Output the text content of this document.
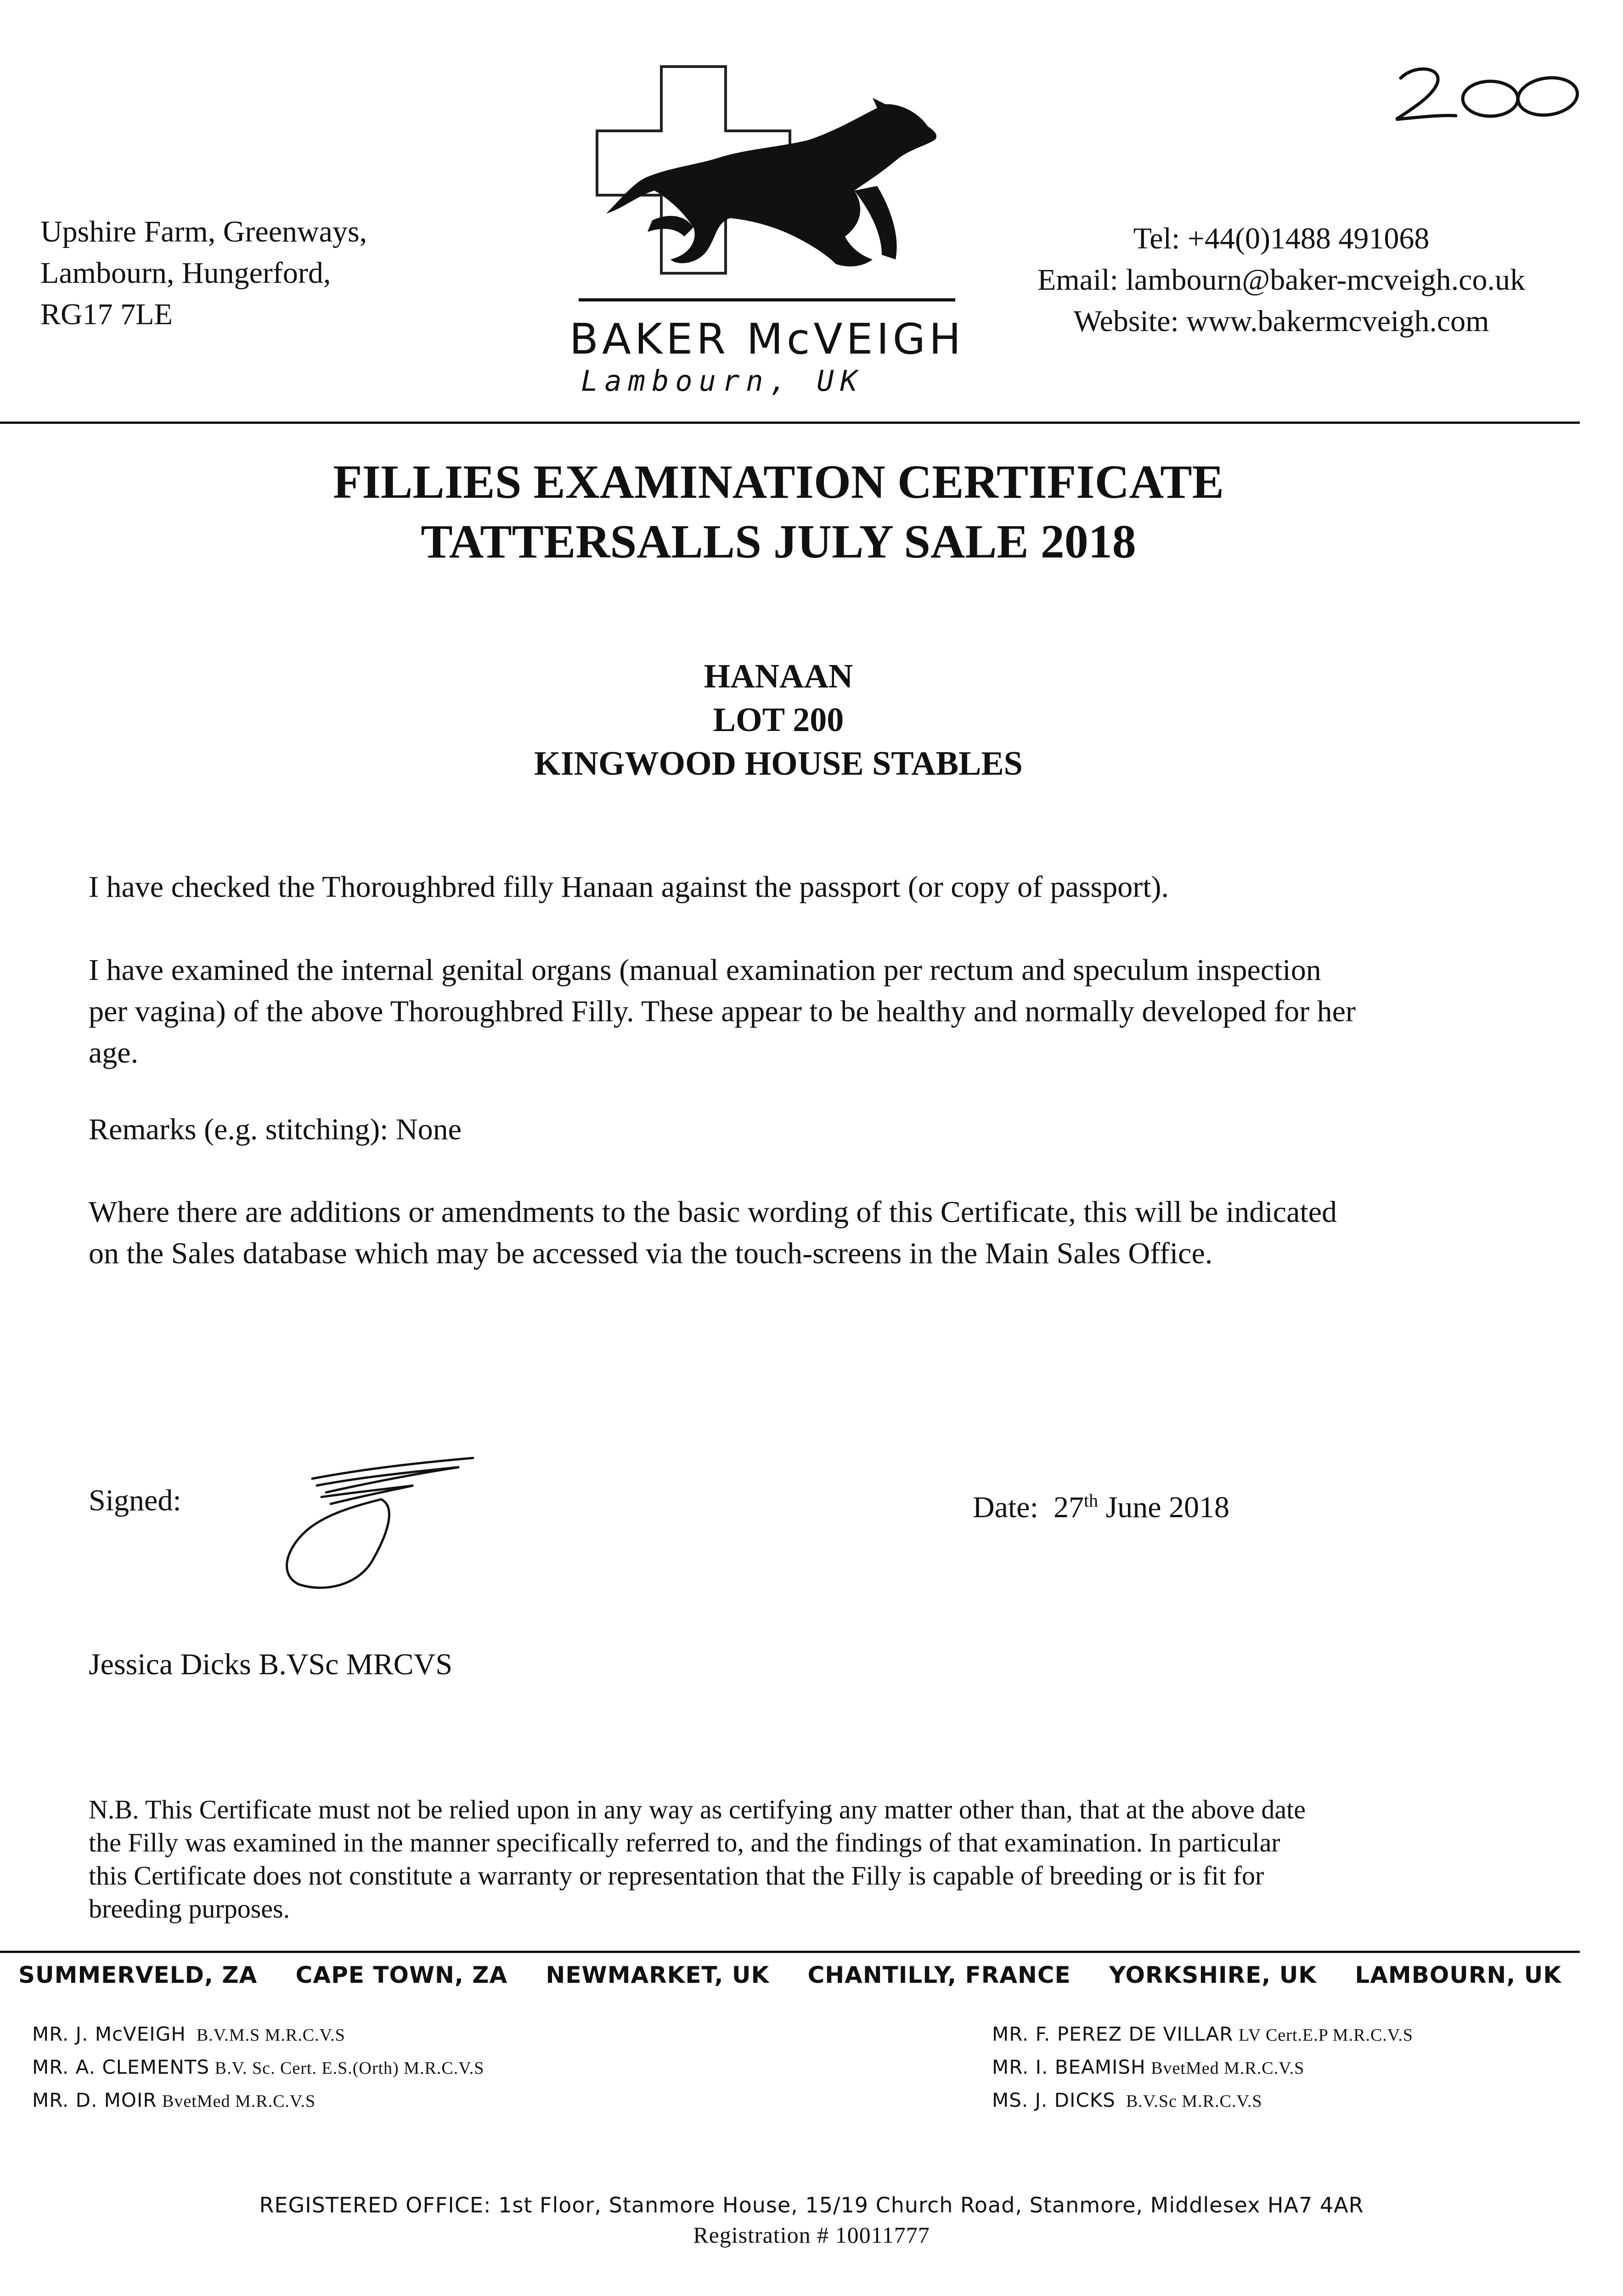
Upshire Farm, Greenways,
Lambourn, Hungerford,
RG17 7LE
BAKER McVEIGH
Lambourn, UK
Tel: +44(0)1488 491068
Email: lambourn@baker-mcveigh.co.uk
Website: www.bakermcveigh.com
FILLIES EXAMINATION CERTIFICATE
TATTERSALLS JULY SALE 2018
HANAAN
LOT 200
KINGWOOD HOUSE STABLES
I have checked the Thoroughbred filly Hanaan against the passport (or copy of passport).
I have examined the internal genital organs (manual examination per rectum and speculum inspection
per vagina) of the above Thoroughbred Filly. These appear to be healthy and normally developed for her
age.
Remarks (e.g. stitching): None
Where there are additions or amendments to the basic wording of this Certificate, this will be indicated
on the Sales database which may be accessed via the touch-screens in the Main Sales Office.
Signed:	Date: 27th June 2018
Jessica Dicks B.VSc MRCVS
N.B. This Certificate must not be relied upon in any way as certifying any matter other than, that at the above date
the Filly was examined in the manner specifically referred to, and the findings of that examination. In particular
this Certificate does not constitute a warranty or representation that the Filly is capable of breeding or is fit for
breeding purposes.
SUMMERVELD, ZA CAPE TOWN, ZA NEWMARKET, UK CHANTILLY, FRANCE YORKSHIRE, UK LAMBOURN, UK
MR. J. McVEIGH B.V.M.S M.R.C.V.S
MR. A. CLEMENTS B.V. Sc. Cert. E.S.(Orth) M.R.C.V.S
MR. D. MOIR BvetMed M.R.C.V.S
MR. F. PEREZ DE VILLAR LV Cert.E.P M.R.C.V.S
MR. I. BEAMISH BvetMed M.R.C.V.S
MS. J. DICKS B.V.Sc M.R.C.V.S
REGISTERED OFFICE: 1st Floor, Stanmore House, 15/19 Church Road, Stanmore, Middlesex HA7 4AR
Registration # 10011777
